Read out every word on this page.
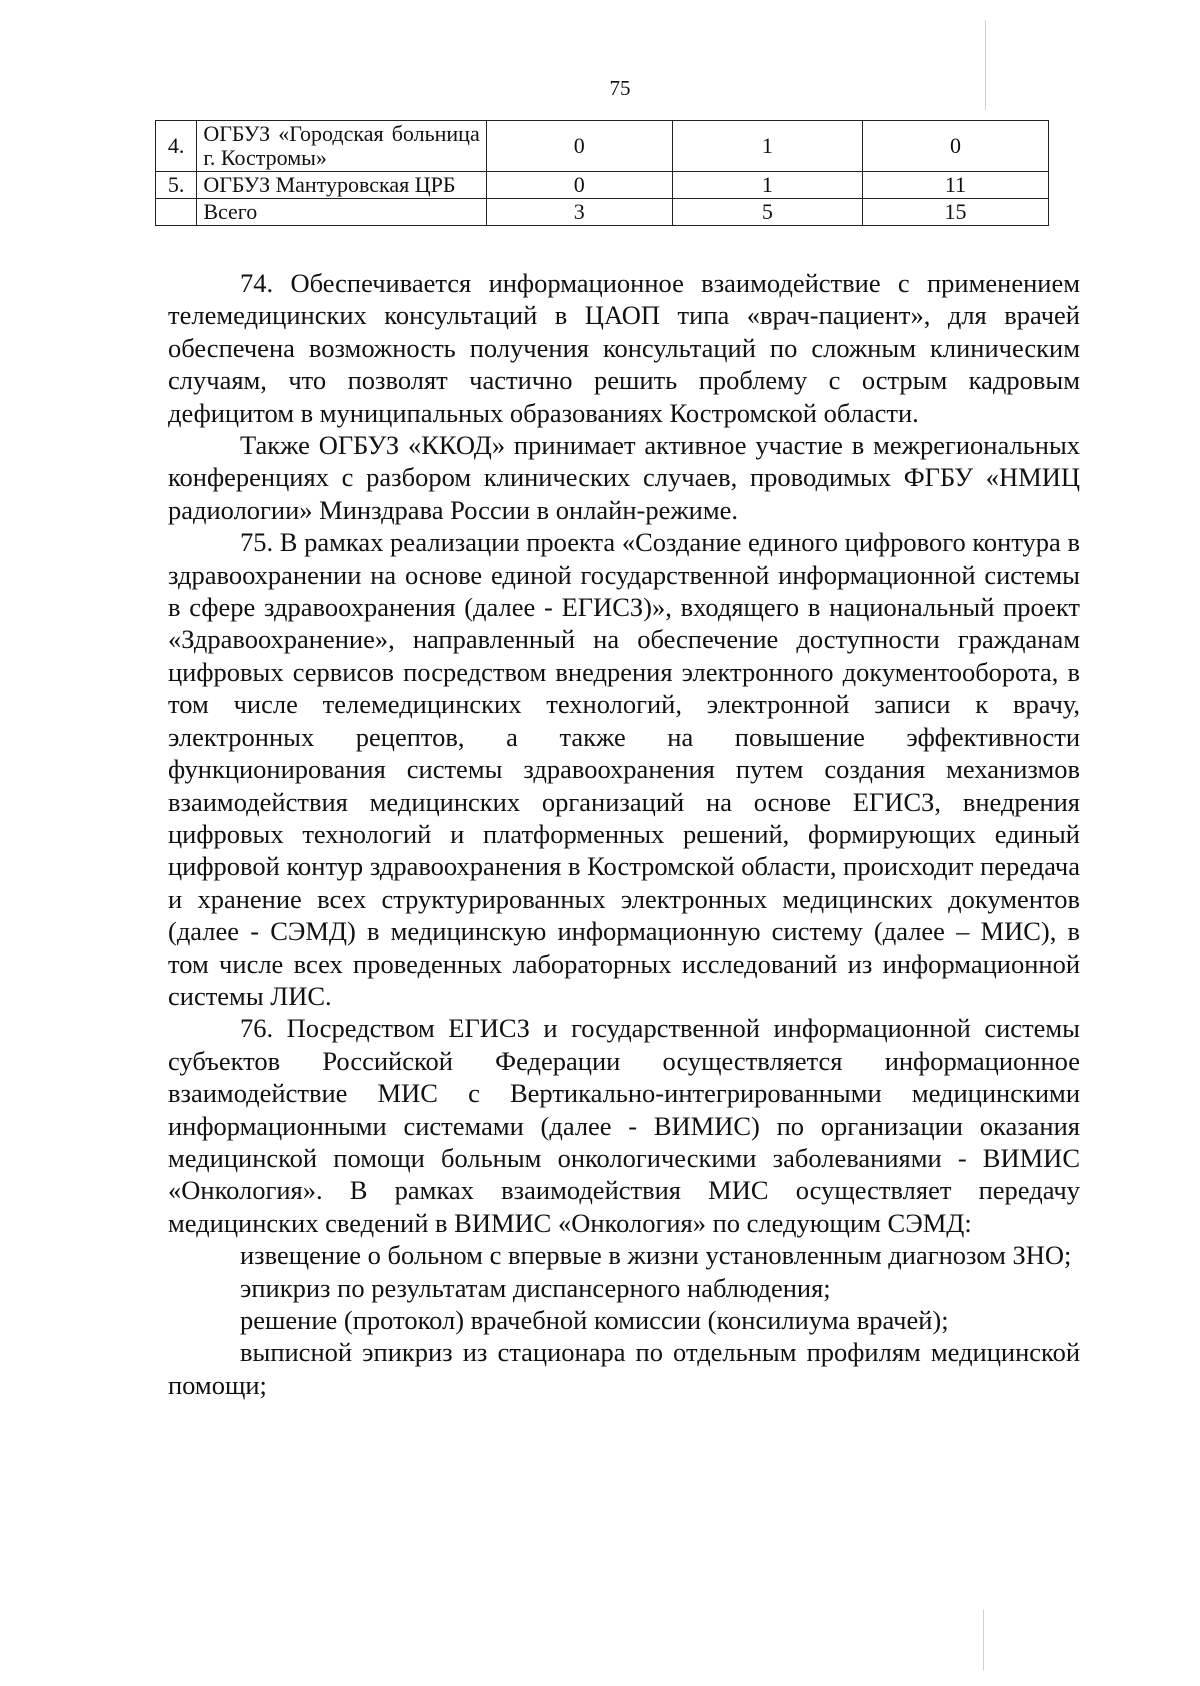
75
4.	ОГБУЗ «Городская больница г. Костромы»	0	1	0
5.	ОГБУЗ Мантуровская ЦРБ	0	1	11
	Всего	3	5	15

74. Обеспечивается информационное взаимодействие с применением телемедицинских консультаций в ЦАОП типа «врач-пациент», для врачей обеспечена возможность получения консультаций по сложным клиническим случаям, что позволят частично решить проблему с острым кадровым дефицитом в муниципальных образованиях Костромской области.

Также ОГБУЗ «ККОД» принимает активное участие в межрегиональных конференциях с разбором клинических случаев, проводимых ФГБУ «НМИЦ радиологии» Минздрава России в онлайн-режиме.

75. В рамках реализации проекта «Создание единого цифрового контура в здравоохранении на основе единой государственной информационной системы в сфере здравоохранения (далее - ЕГИСЗ)», входящего в национальный проект «Здравоохранение», направленный на обеспечение доступности гражданам цифровых сервисов посредством внедрения электронного документооборота, в том числе телемедицинских технологий, электронной записи к врачу, электронных рецептов, а также на повышение эффективности функционирования системы здравоохранения путем создания механизмов взаимодействия медицинских организаций на основе ЕГИСЗ, внедрения цифровых технологий и платформенных решений, формирующих единый цифровой контур здравоохранения в Костромской области, происходит передача и хранение всех структурированных электронных медицинских документов (далее - СЭМД) в медицинскую информационную систему (далее – МИС), в том числе всех проведенных лабораторных исследований из информационной системы ЛИС.

76. Посредством ЕГИСЗ и государственной информационной системы субъектов Российской Федерации осуществляется информационное взаимодействие МИС с Вертикально-интегрированными медицинскими информационными системами (далее - ВИМИС) по организации оказания медицинской помощи больным онкологическими заболеваниями - ВИМИС «Онкология». В рамках взаимодействия МИС осуществляет передачу медицинских сведений в ВИМИС «Онкология» по следующим СЭМД:

извещение о больном с впервые в жизни установленным диагнозом ЗНО;

эпикриз по результатам диспансерного наблюдения;

решение (протокол) врачебной комиссии (консилиума врачей);

выписной эпикриз из стационара по отдельным профилям медицинской помощи;
